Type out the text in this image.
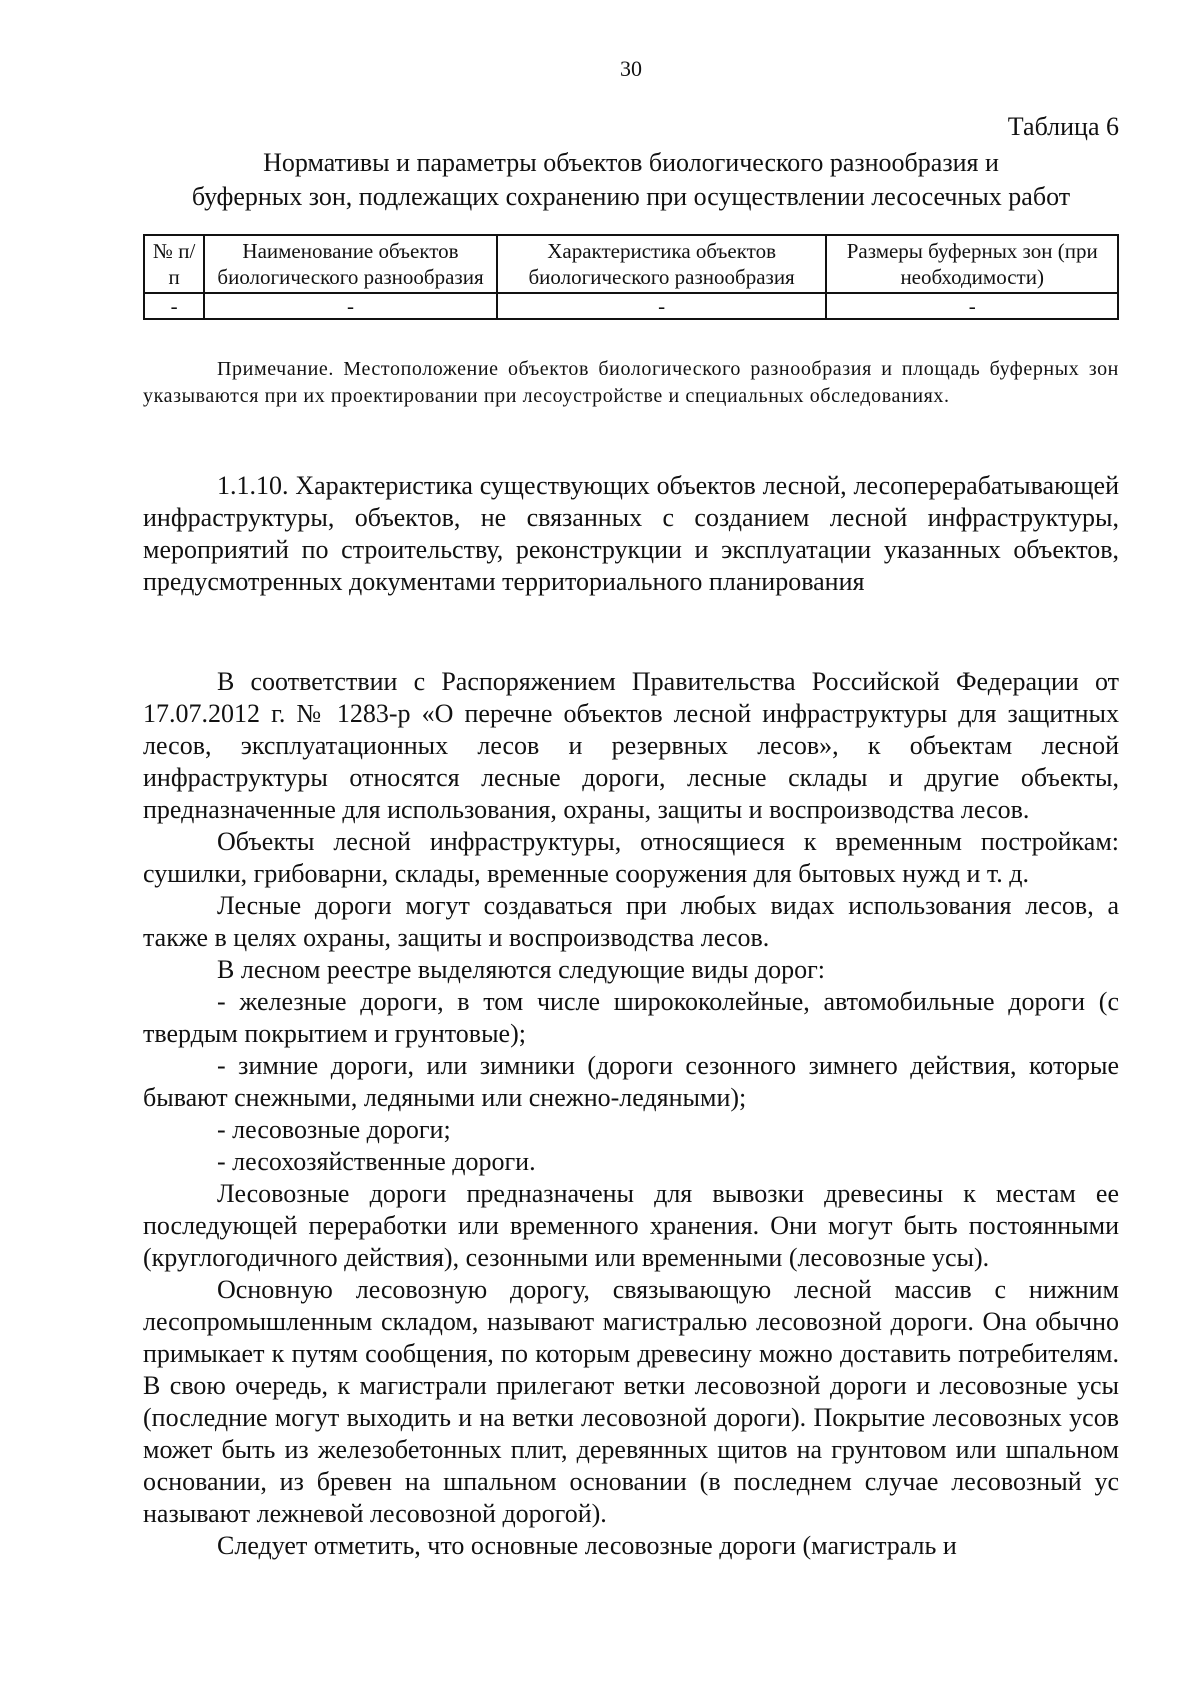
30
Таблица 6
Нормативы и параметры объектов биологического разнообразия и
буферных зон, подлежащих сохранению при осуществлении лесосечных работ
№ п/п	Наименование объектов биологического разнообразия	Характеристика объектов биологического разнообразия	Размеры буферных зон (при необходимости)
-	-	-	-
Примечание. Местоположение объектов биологического разнообразия и площадь буферных зон указываются при их проектировании при лесоустройстве и специальных обследованиях.
1.1.10. Характеристика существующих объектов лесной, лесоперерабатывающей инфраструктуры, объектов, не связанных с созданием лесной инфраструктуры, мероприятий по строительству, реконструкции и эксплуатации указанных объектов, предусмотренных документами территориального планирования

В соответствии с Распоряжением Правительства Российской Федерации от 17.07.2012 г. № 1283-р «О перечне объектов лесной инфраструктуры для защитных лесов, эксплуатационных лесов и резервных лесов», к объектам лесной инфраструктуры относятся лесные дороги, лесные склады и другие объекты, предназначенные для использования, охраны, защиты и воспроизводства лесов.

Объекты лесной инфраструктуры, относящиеся к временным постройкам: сушилки, грибоварни, склады, временные сооружения для бытовых нужд и т. д.

Лесные дороги могут создаваться при любых видах использования лесов, а также в целях охраны, защиты и воспроизводства лесов.

В лесном реестре выделяются следующие виды дорог:

- железные дороги, в том числе ширококолейные, автомобильные дороги (с твердым покрытием и грунтовые);

- зимние дороги, или зимники (дороги сезонного зимнего действия, которые бывают снежными, ледяными или снежно-ледяными);

- лесовозные дороги;

- лесохозяйственные дороги.

Лесовозные дороги предназначены для вывозки древесины к местам ее последующей переработки или временного хранения. Они могут быть постоянными (круглогодичного действия), сезонными или временными (лесовозные усы).

Основную лесовозную дорогу, связывающую лесной массив с нижним лесопромышленным складом, называют магистралью лесовозной дороги. Она обычно примыкает к путям сообщения, по которым древесину можно доставить потребителям. В свою очередь, к магистрали прилегают ветки лесовозной дороги и лесовозные усы (последние могут выходить и на ветки лесовозной дороги). Покрытие лесовозных усов может быть из железобетонных плит, деревянных щитов на грунтовом или шпальном основании, из бревен на шпальном основании (в последнем случае лесовозный ус называют лежневой лесовозной дорогой).

Следует отметить, что основные лесовозные дороги (магистраль и
